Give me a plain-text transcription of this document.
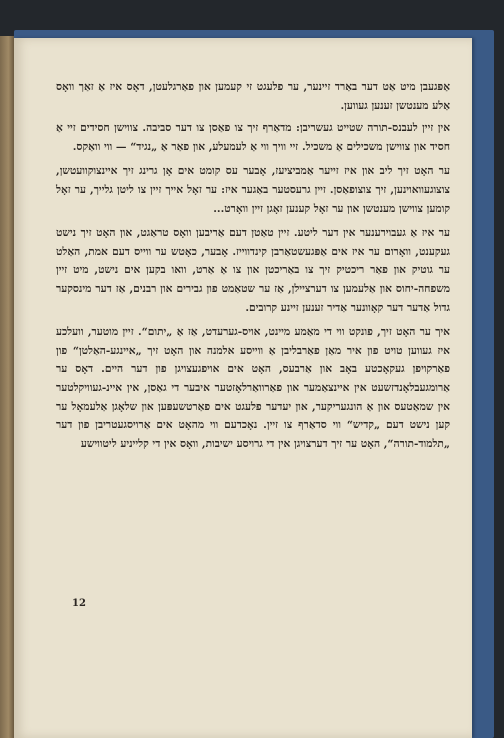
אַפּגעבן מיט אַט דער באַרד זיינער, ער פלעגט זי קעמען און פאַרגלעטן, דאָס איז אַ זאַך וואָס אַלע מענטשן זענען געווען.

אין זיין לעבנס-תורה שטייט געשריבן: מדאַרף זיך צו פאַסן צו דער סביבה. צווישן חסידים זיי אַ חסיד און צווישן משכילים אַ משכיל. זיי וויך ווי אַ לעמעלע, און פאַר אַ „נגיד“ — ווי וואַקס.

ער האָט זיך ליב און איז זייער אַמביציעז, אָבער עס קומט אים אָן גרינג זיך איינצוקוועטשן, צוצוגעוואוינען, זיך צוצופאַסן. זיין גרעסטער באַגער איז: ער זאָל אייך זיין צו ליטן גלייך, ער זאָל קומען צווישן מענטשן און ער זאָל קענען זאָגן זיין וואָרט...

ער איז אַ געבוירענער אין דער ליטע. זיין טאַטן דעם אַריבען וואָס טראַגט, און האָט זיך נישט געקענט, וואָרום ער איז אים אַפּגעשטאַרבן קינדווייז. אָבער, כאָטש ער ווייס דעם אמת, האַלט ער גוטיק און פאַר ריכטיק זיך צו באַריכטן און צו אַ אַרט, וואו בקען אים נישט, מיט זיין משפחה-יחוס און אַלעמען צו דערציילן, אַז ער שטאַמט פון גבירים און רבנים, אַז דער מינסקער גדול אַדער דער קאָוונער אַדיר זענען זיינע קרובים.

איך ער האָט זיך, פונקט ווי די מאַמע מיינט, אויס-גערעדט, אַז אַ „יתום“. זיין מוטער, וועלכע איז געווען טויט פון איר מאַן פאַרבליבן אַ ווייסע אלמנה און האָט זיך „איינגע-האַלטן“ פון פאַרקויפן געקאָכטע באָב און אַרבעס, האָט אים אויפגעצויגן פון דער היים. דאָס ער אַרומגעבלאָנדזשעט אין איינצאַמער און פאַרוואַרלאָזטער איבער די גאַסן, אין איינ-געוויקלטער אין שמאַטעס און אַ הונגעריקער, און יעדער פלעגט אים פאַרטשעפּען און שלאָגן אַלעמאָל ער קען נישט דעם „קדיש“ ווי סדאַרף צו זיין. נאָכדעם ווי מהאָט אים אַרויסגעטריבן פון דער „תלמוד-תורה“, האָט ער זיך דערצויגן אין די גרויסע ישיבות, וואָס אין די קלייניע ליטווישע

12
